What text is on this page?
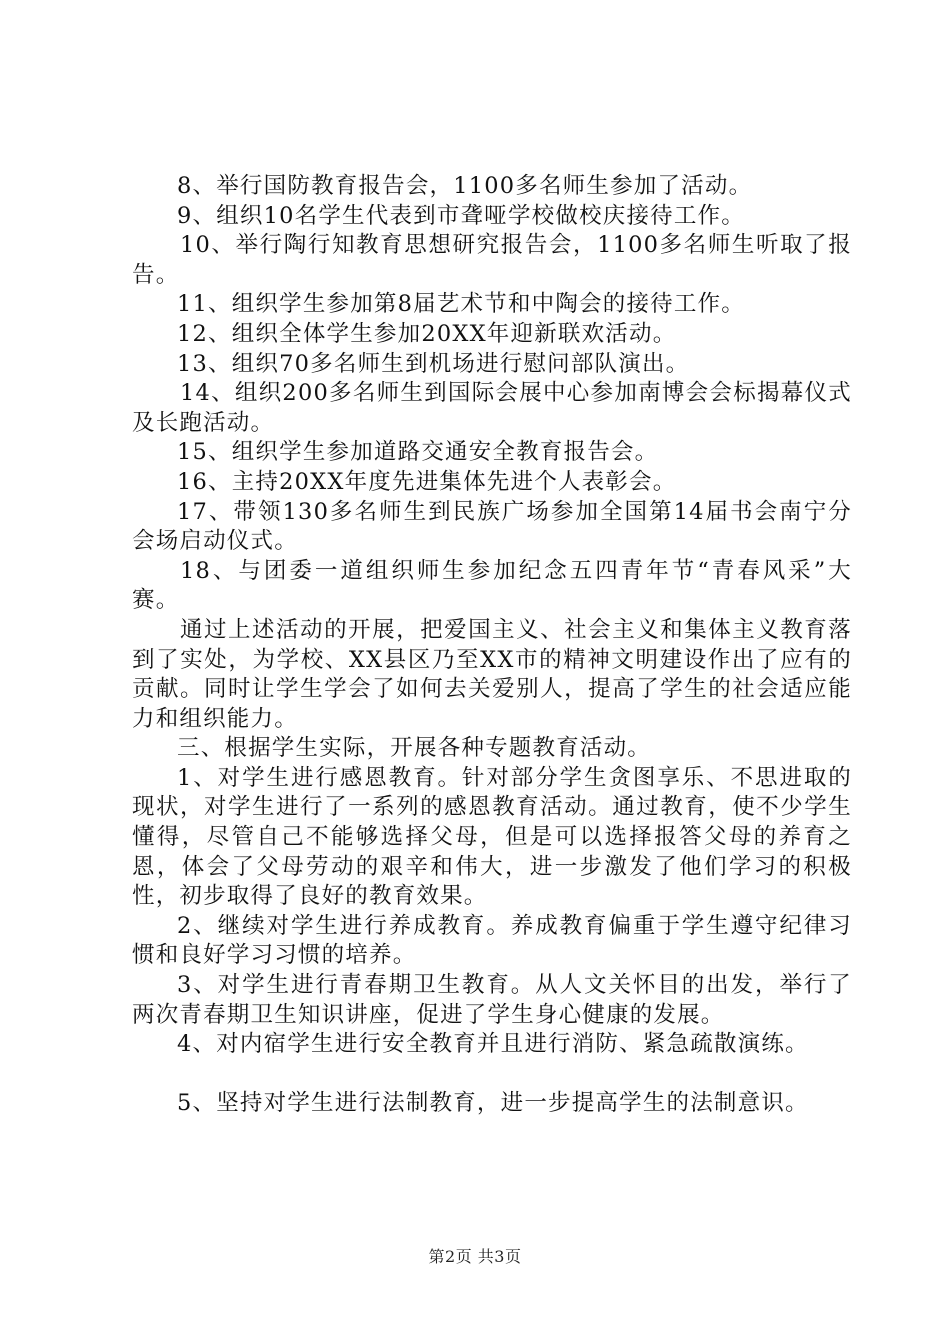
8、举行国防教育报告会，1100多名师生参加了活动。

9、组织10名学生代表到市聋哑学校做校庆接待工作。

10、举行陶行知教育思想研究报告会，1100多名师生听取了报告。

11、组织学生参加第8届艺术节和中陶会的接待工作。

12、组织全体学生参加20XX年迎新联欢活动。

13、组织70多名师生到机场进行慰问部队演出。

14、组织200多名师生到国际会展中心参加南博会会标揭幕仪式及长跑活动。

15、组织学生参加道路交通安全教育报告会。

16、主持20XX年度先进集体先进个人表彰会。

17、带领130多名师生到民族广场参加全国第14届书会南宁分会场启动仪式。

18、与团委一道组织师生参加纪念五四青年节“青春风采”大赛。

通过上述活动的开展，把爱国主义、社会主义和集体主义教育落到了实处，为学校、XX县区乃至XX市的精神文明建设作出了应有的贡献。同时让学生学会了如何去关爱别人，提高了学生的社会适应能力和组织能力。

三、根据学生实际，开展各种专题教育活动。

1、对学生进行感恩教育。针对部分学生贪图享乐、不思进取的现状，对学生进行了一系列的感恩教育活动。通过教育，使不少学生懂得，尽管自己不能够选择父母，但是可以选择报答父母的养育之恩，体会了父母劳动的艰辛和伟大，进一步激发了他们学习的积极性，初步取得了良好的教育效果。

2、继续对学生进行养成教育。养成教育偏重于学生遵守纪律习惯和良好学习习惯的培养。

3、对学生进行青春期卫生教育。从人文关怀目的出发，举行了两次青春期卫生知识讲座，促进了学生身心健康的发展。

4、对内宿学生进行安全教育并且进行消防、紧急疏散演练。

5、坚持对学生进行法制教育，进一步提高学生的法制意识。

第2页 共3页
